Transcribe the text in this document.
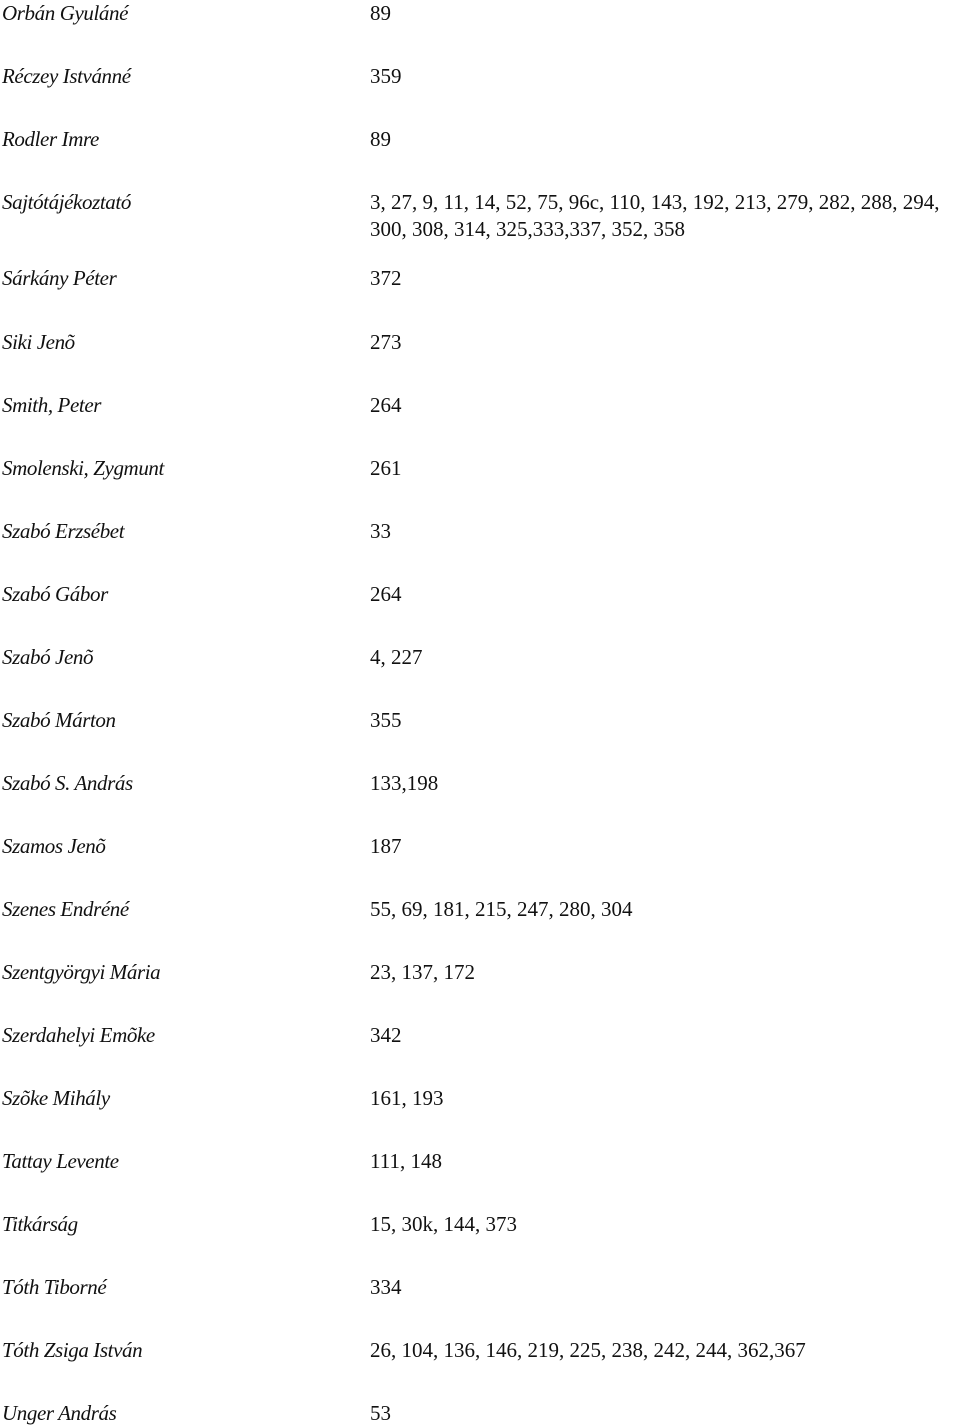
Orbán Gyuláné	89
Réczey Istvánné	359
Rodler Imre	89
Sajtótájékoztató	3, 27, 9, 11, 14, 52, 75, 96c, 110, 143, 192, 213, 279, 282, 288, 294, 300, 308, 314, 325,333,337, 352, 358
Sárkány Péter	372
Siki Jenõ	273
Smith, Peter	264
Smolenski, Zygmunt	261
Szabó Erzsébet	33
Szabó Gábor	264
Szabó Jenõ	4, 227
Szabó Márton	355
Szabó S. András	133,198
Szamos Jenõ	187
Szenes Endréné	55, 69, 181, 215, 247, 280, 304
Szentgyörgyi Mária	23, 137, 172
Szerdahelyi Emõke	342
Szõke Mihály	161, 193
Tattay Levente	111, 148
Titkárság	15, 30k, 144, 373
Tóth Tiborné	334
Tóth Zsiga István	26, 104, 136, 146, 219, 225, 238, 242, 244, 362,367
Unger András	53
